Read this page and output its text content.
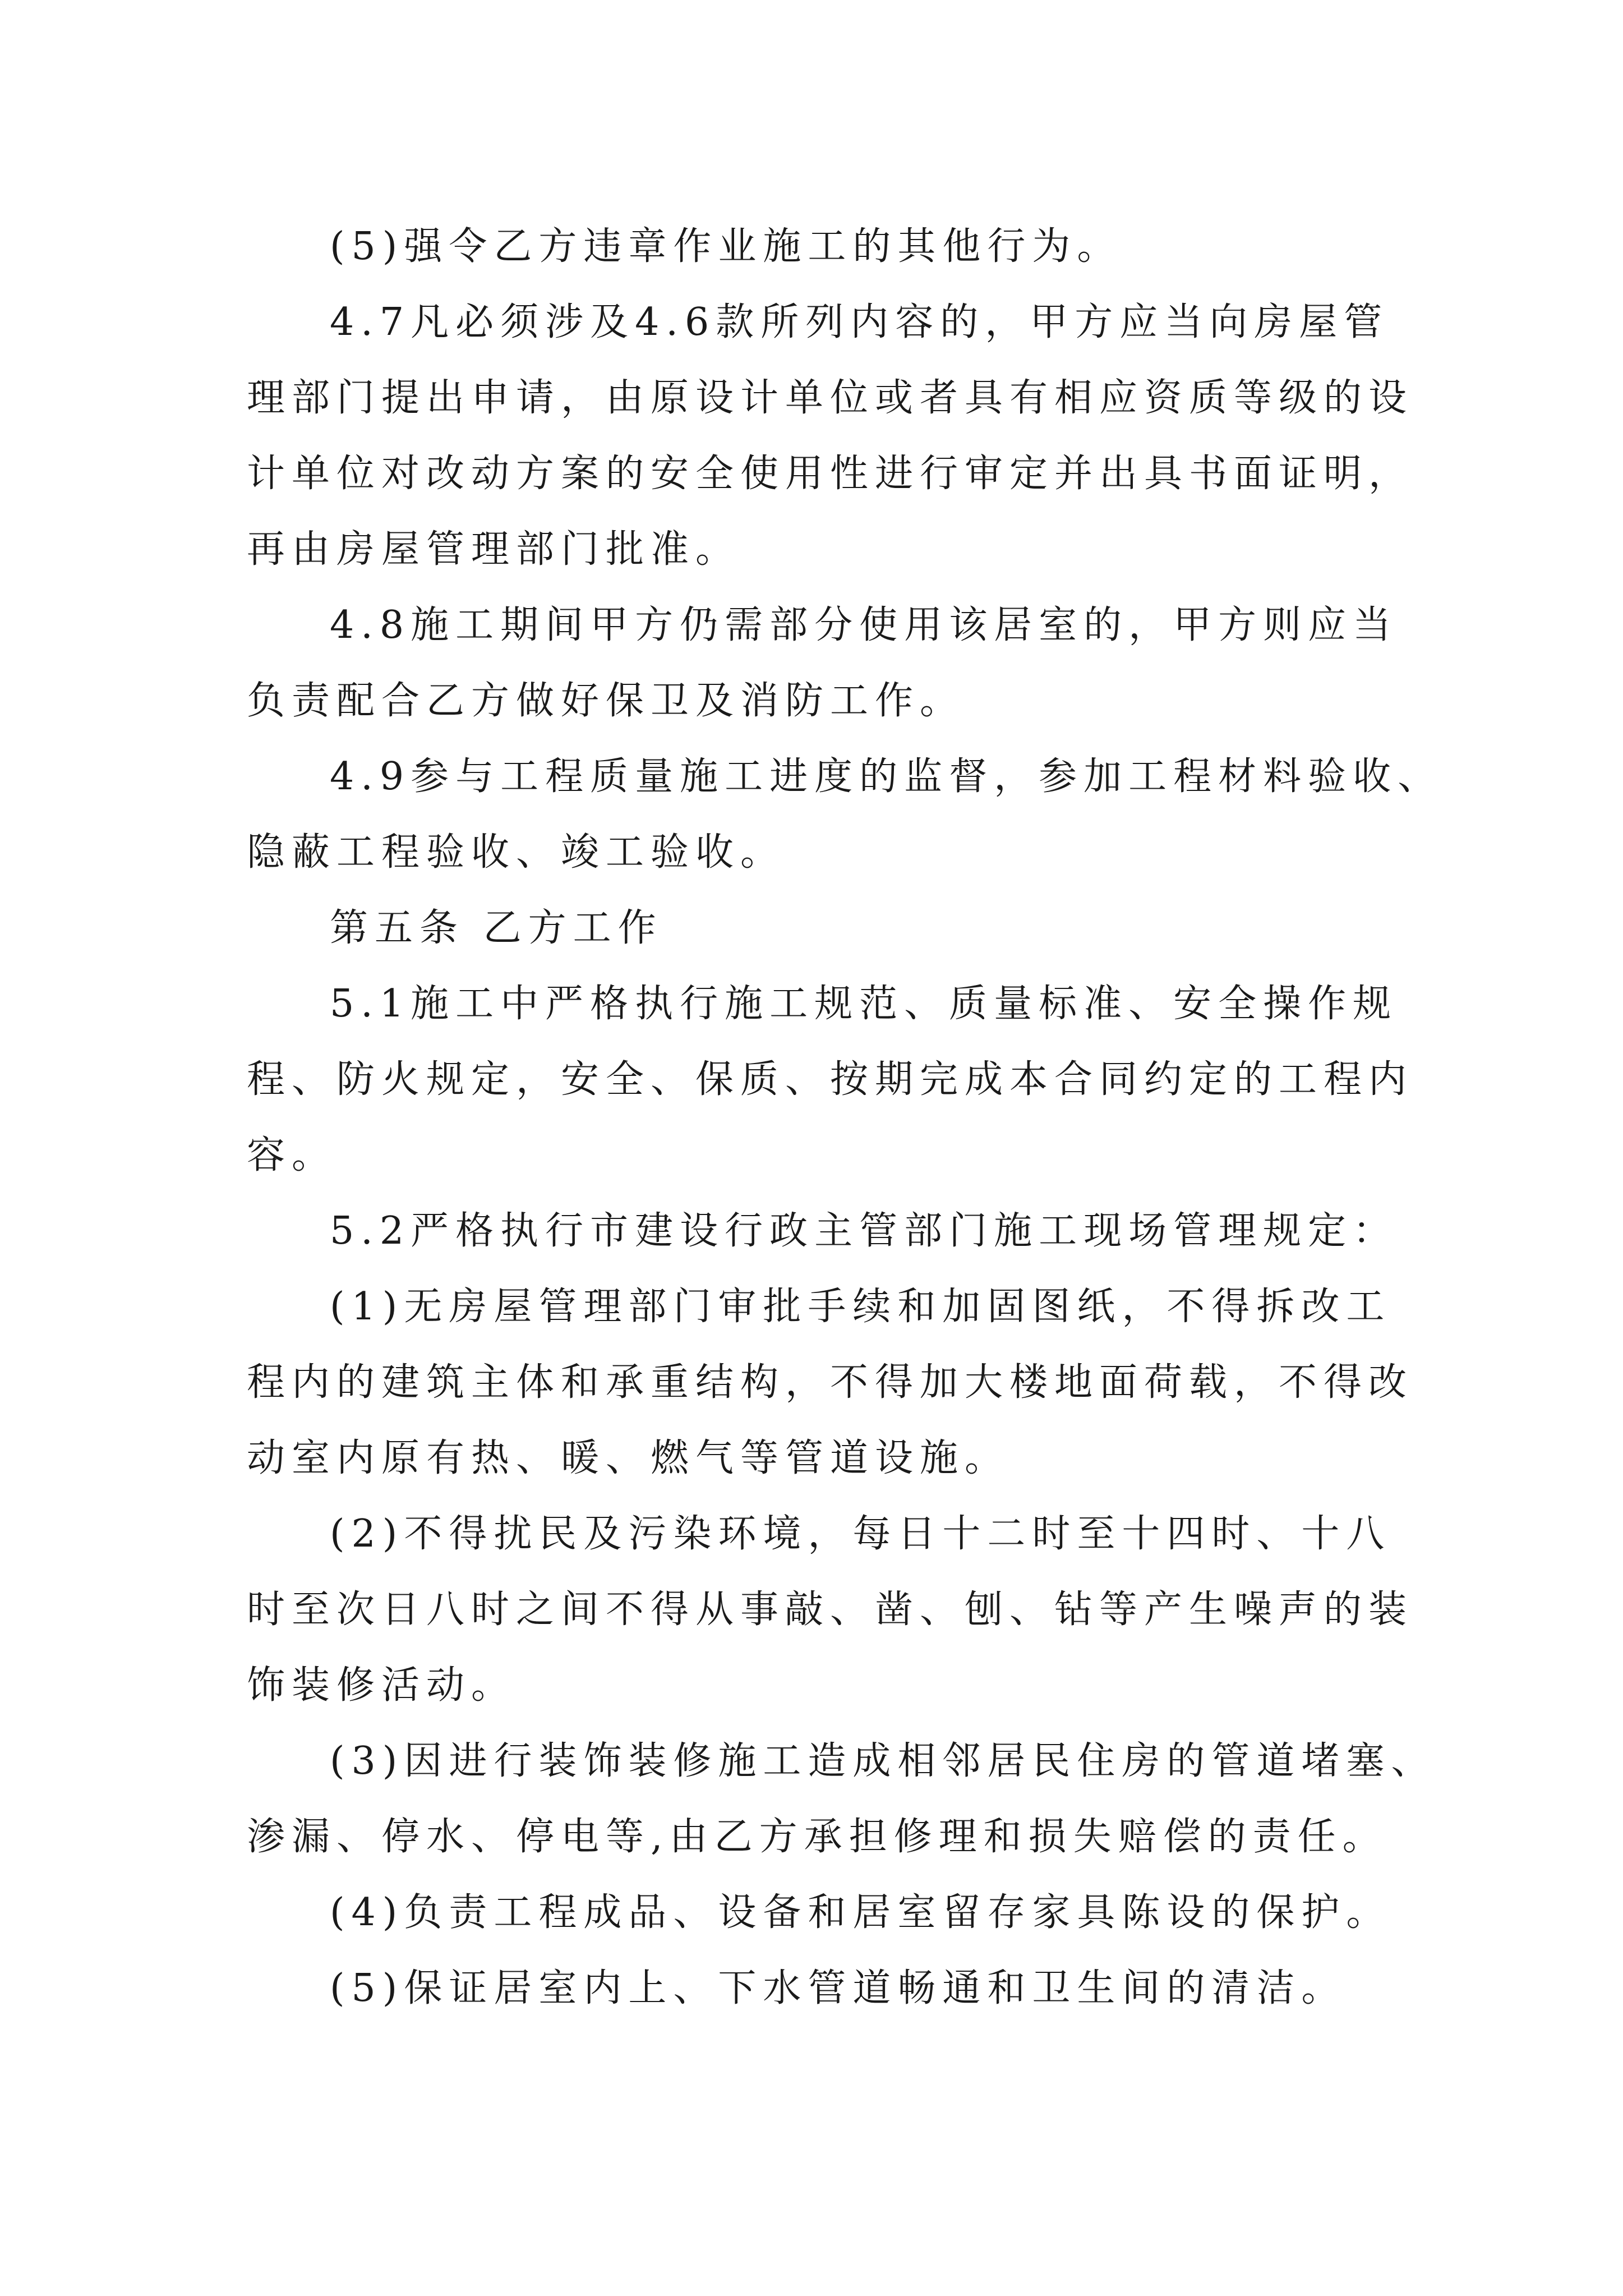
(5)强令乙方违章作业施工的其他行为。
4.7凡必须涉及4.6款所列内容的，甲方应当向房屋管
理部门提出申请，由原设计单位或者具有相应资质等级的设
计单位对改动方案的安全使用性进行审定并出具书面证明，
再由房屋管理部门批准。
4.8施工期间甲方仍需部分使用该居室的，甲方则应当
负责配合乙方做好保卫及消防工作。
4.9参与工程质量施工进度的监督，参加工程材料验收、
隐蔽工程验收、竣工验收。
第五条 乙方工作
5.1施工中严格执行施工规范、质量标准、安全操作规
程、防火规定，安全、保质、按期完成本合同约定的工程内
容。
5.2严格执行市建设行政主管部门施工现场管理规定：
(1)无房屋管理部门审批手续和加固图纸，不得拆改工
程内的建筑主体和承重结构，不得加大楼地面荷载，不得改
动室内原有热、暖、燃气等管道设施。
(2)不得扰民及污染环境，每日十二时至十四时、十八
时至次日八时之间不得从事敲、凿、刨、钻等产生噪声的装
饰装修活动。
(3)因进行装饰装修施工造成相邻居民住房的管道堵塞、
渗漏、停水、停电等,由乙方承担修理和损失赔偿的责任。
(4)负责工程成品、设备和居室留存家具陈设的保护。
(5)保证居室内上、下水管道畅通和卫生间的清洁。
